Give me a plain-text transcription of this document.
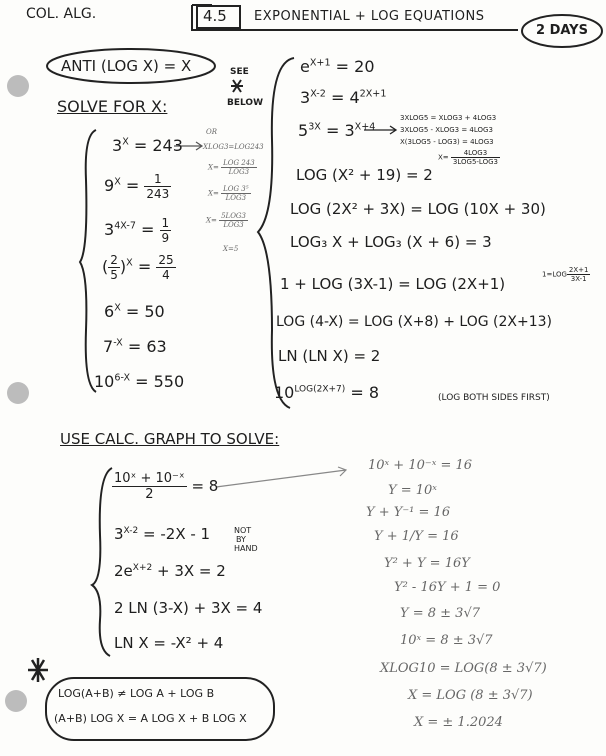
COL. ALG.	4.5 EXPONENTIAL + LOG EQUATIONS
2 DAYS
ANTI (LOG X) = X	SEE
BELOW
SOLVE FOR X:
$3^X = 243$
$9^X = \frac{1}{243}$
$3^{4X-7} = \frac{1}{9}$
( $\frac{2}{5} )^X = \frac{25}{4}$
$6^X = 50$
$7^{-X} = 63$
$10^{6-X} = 550$
OR
XLOG3=LOG243
$X= \frac{\text{LOG 243}}{\text{LOG3}}$
$X= \frac{\text{LOG 3⁵}}{\text{LOG3}}$
$X= \frac{\text{5LOG3}}{\text{LOG3}}$
X=5
$e^{X+1} = 20$
$3^{X-2} = 4^{2X+1}$
$5^{3X} = 3^{X+4}$
LOG (X² + 19) = 2
LOG (2X² + 3X) = LOG (10X + 30)
LOG₃ X + LOG₃ (X + 6) = 3
1 + LOG (3X-1) = LOG (2X+1)
LOG (4-X) = LOG (X+8) + LOG (2X+13)
LN (LN X) = 2
$10^{LOG(2X+7)} = 8$
3XLOG5 = XLOG3 + 4LOG3
3XLOG5 - XLOG3 = 4LOG3
X(3LOG5 - LOG3) = 4LOG3
$X= \frac{\text{4LOG3}}{\text{3LOG5-LOG3}}$
$1=LOG \frac{2X+1}{3X-1}$
(LOG BOTH SIDES FIRST)
USE CALC. GRAPH TO SOLVE:
$\frac{\text{10ˣ + 10⁻ˣ}}{2} = 8$
$3^{X-2} = -2X - 1$
$2e^{X+2} + 3X = 2$
2 LN (3-X) + 3X = 4
LN X = -X² + 4
NOT
BY
HAND
10ˣ + 10⁻ˣ = 16
Y = 10ˣ
Y + Y⁻¹ = 16
Y + 1/Y = 16
Y² + Y = 16Y
Y² - 16Y + 1 = 0
Y = 8 ± 3√7
10ˣ = 8 ± 3√7
XLOG10 = LOG(8 ± 3√7)
X = LOG (8 ± 3√7)
X = ± 1.2024
LOG(A+B) ≠ LOG A + LOG B
(A+B) LOG X = A LOG X + B LOG X
